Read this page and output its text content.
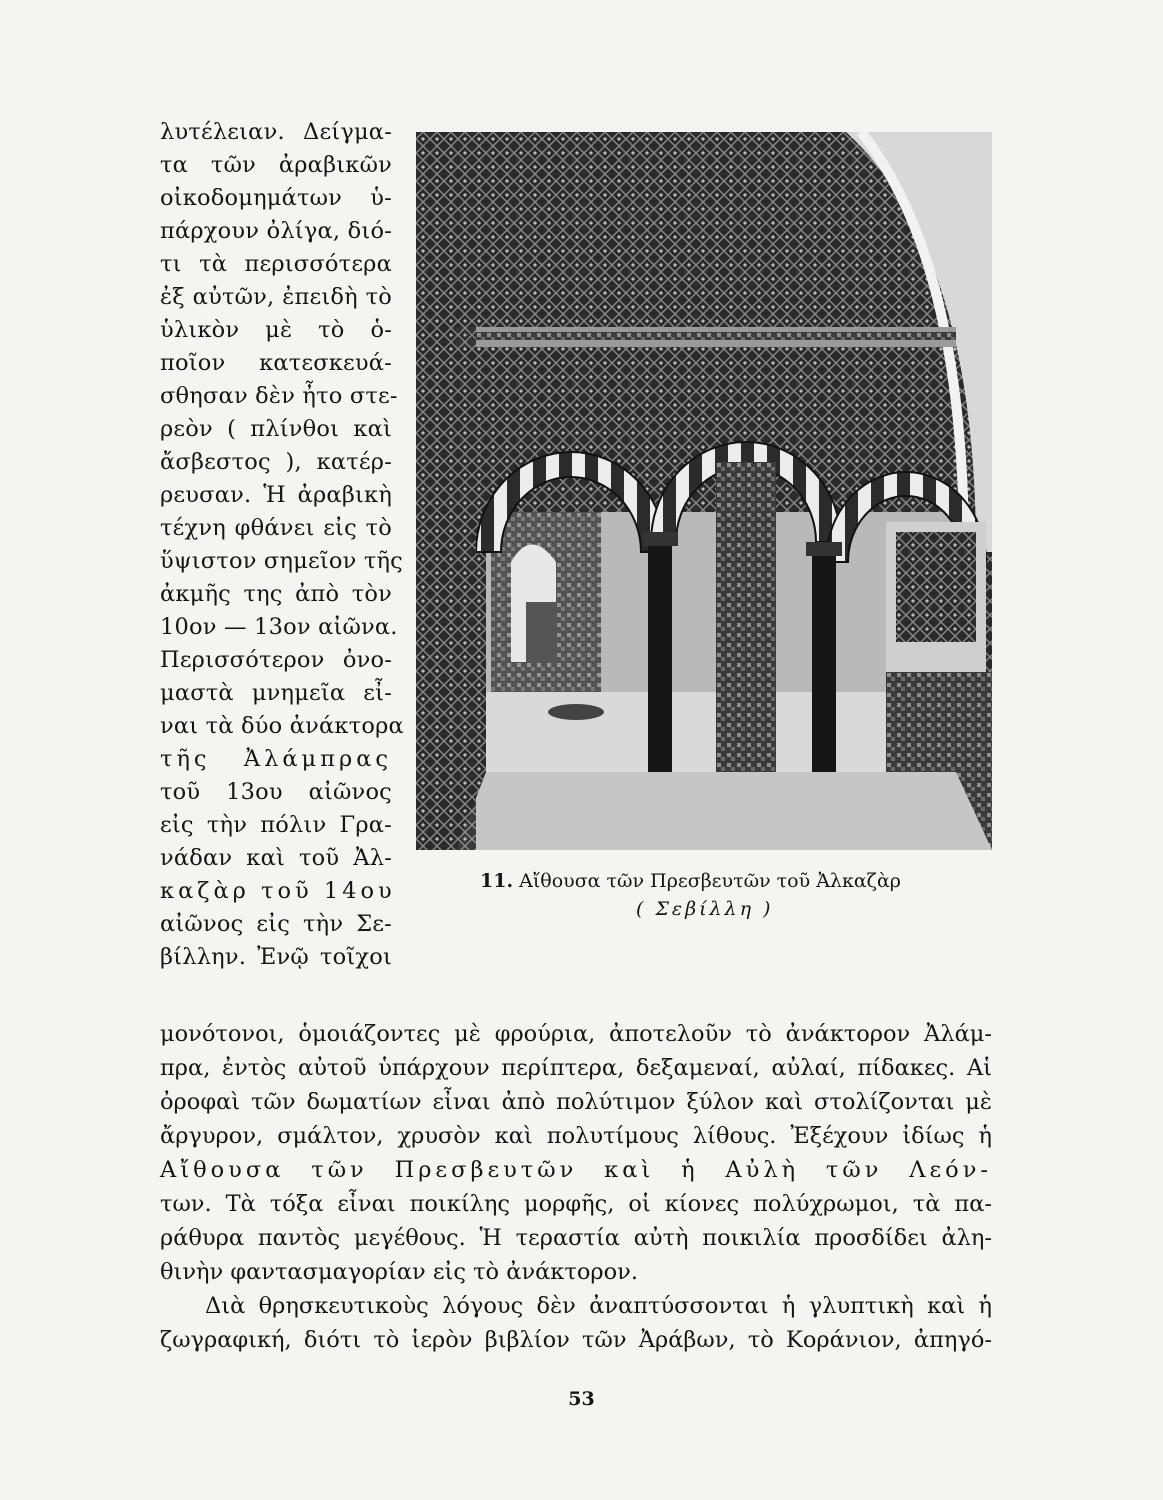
λυτέλειαν. Δείγμα-
τα τῶν ἀραβικῶν
οἰκοδομημάτων ὑ-
πάρχουν ὀλίγα, διό-
τι τὰ περισσότερα
ἐξ αὐτῶν, ἐπειδὴ τὸ
ὑλικὸν μὲ τὸ ὁ-
ποῖον κατεσκευά-
σθησαν δὲν ἦτο στε-
ρεὸν ( πλίνθοι καὶ
ἄσβεστος ), κατέρ-
ρευσαν. Ἡ ἀραβικὴ
τέχνη φθάνει εἰς τὸ
ὕψιστον σημεῖον τῆς
ἀκμῆς της ἀπὸ τὸν
10ον — 13ον αἰῶνα.
Περισσότερον ὀνο-
μαστὰ μνημεῖα εἶ-
ναι τὰ δύο ἀνάκτορα
τῆς Ἀλάμπρας
τοῦ 13ου αἰῶνος
εἰς τὴν πόλιν Γρα-
νάδαν καὶ τοῦ Ἀλ-
καζὰρ τοῦ 14ου
αἰῶνος εἰς τὴν Σε-
βίλλην. Ἐνῷ τοῖχοι
11. Αἴθουσα τῶν Πρεσβευτῶν τοῦ Ἀλκαζὰρ
( Σεβίλλη )
μονότονοι, ὁμοιάζοντες μὲ φρούρια, ἀποτελοῦν τὸ ἀνάκτορον Ἀλάμ-
πρα, ἐντὸς αὐτοῦ ὑπάρχουν περίπτερα, δεξαμεναί, αὐλαί, πίδακες. Αἱ
ὀροφαὶ τῶν δωματίων εἶναι ἀπὸ πολύτιμον ξύλον καὶ στολίζονται μὲ
ἄργυρον, σμάλτον, χρυσὸν καὶ πολυτίμους λίθους. Ἐξέχουν ἰδίως ἡ
Αἴθουσα τῶν Πρεσβευτῶν καὶ ἡ Αὐλὴ τῶν Λεόν-
των. Τὰ τόξα εἶναι ποικίλης μορφῆς, οἱ κίονες πολύχρωμοι, τὰ πα-
ράθυρα παντὸς μεγέθους. Ἡ τεραστία αὐτὴ ποικιλία προσδίδει ἀλη-
θινὴν φαντασμαγορίαν εἰς τὸ ἀνάκτορον.
Διὰ θρησκευτικοὺς λόγους δὲν ἀναπτύσσονται ἡ γλυπτικὴ καὶ ἡ
ζωγραφική, διότι τὸ ἱερὸν βιβλίον τῶν Ἀράβων, τὸ Κοράνιον, ἀπηγό-
53
